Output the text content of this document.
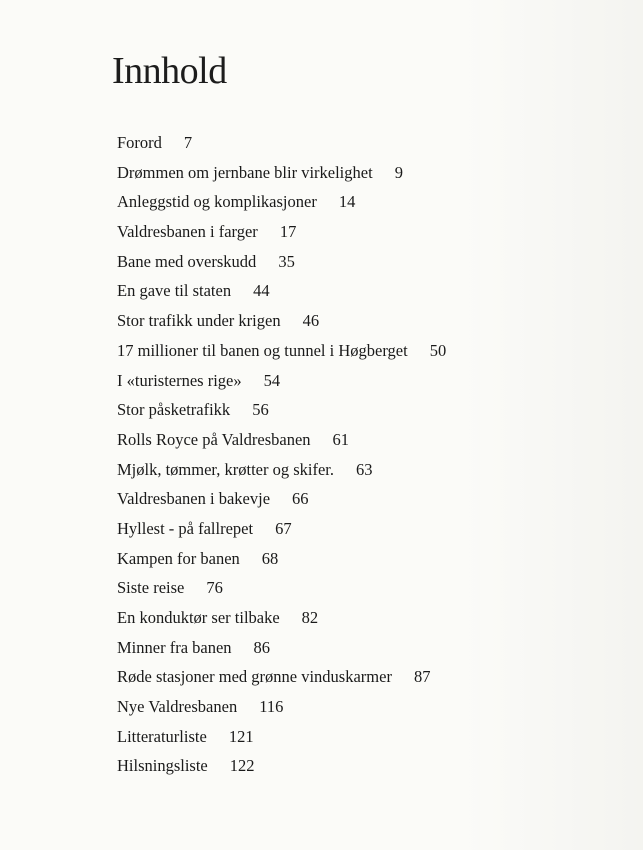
Innhold
Forord 7
Drømmen om jernbane blir virkelighet 9
Anleggstid og komplikasjoner 14
Valdresbanen i farger 17
Bane med overskudd 35
En gave til staten 44
Stor trafikk under krigen 46
17 millioner til banen og tunnel i Høgberget 50
I «turisternes rige» 54
Stor påsketrafikk 56
Rolls Royce på Valdresbanen 61
Mjølk, tømmer, krøtter og skifer. 63
Valdresbanen i bakevje 66
Hyllest - på fallrepet 67
Kampen for banen 68
Siste reise 76
En konduktør ser tilbake 82
Minner fra banen 86
Røde stasjoner med grønne vinduskarmer 87
Nye Valdresbanen 116
Litteraturliste 121
Hilsningsliste 122
